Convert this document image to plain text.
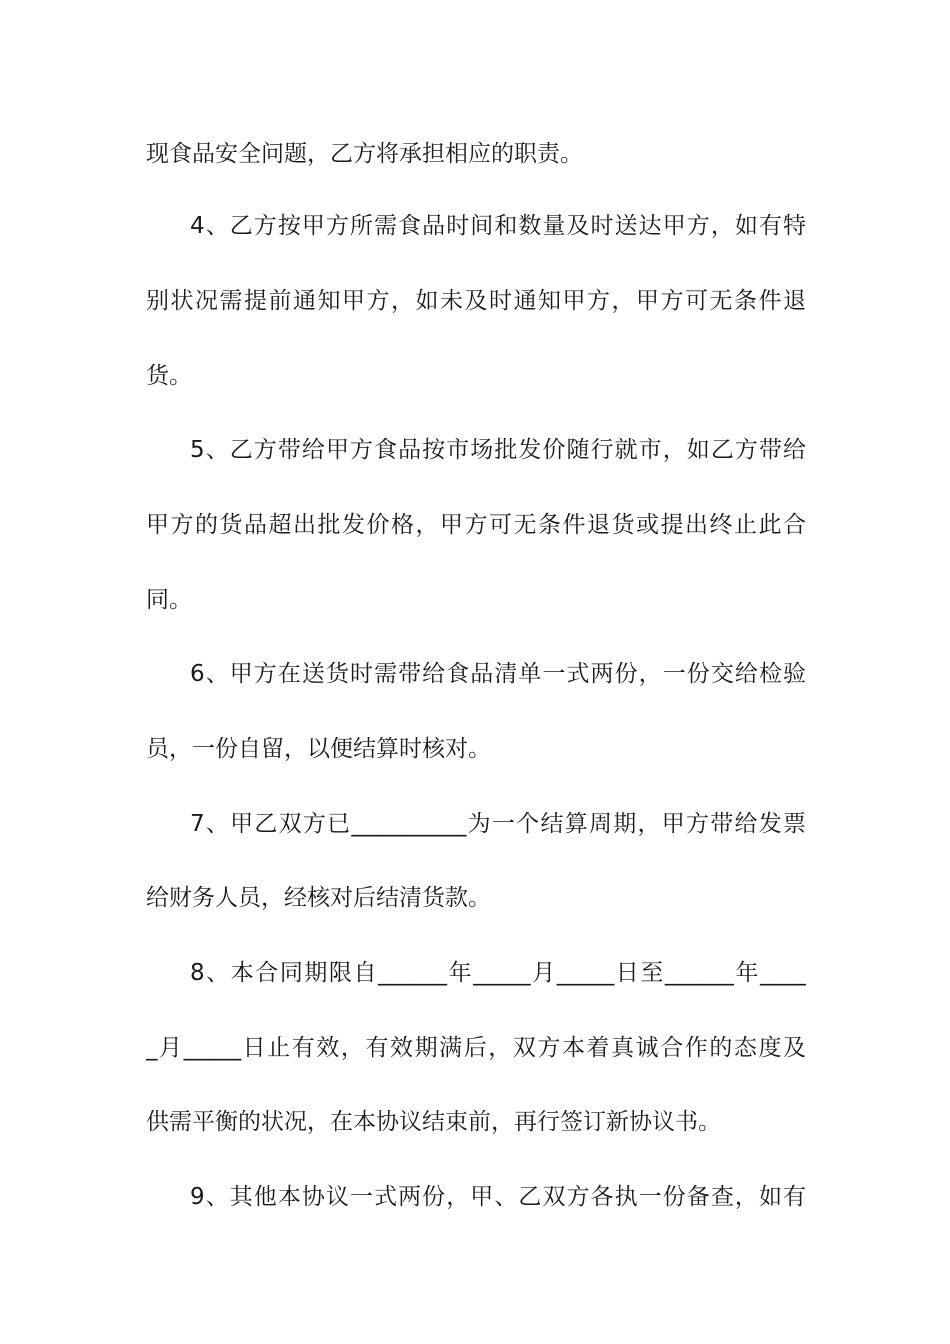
现食品安全问题，乙方将承担相应的职责。
4、乙方按甲方所需食品时间和数量及时送达甲方，如有特
别状况需提前通知甲方，如未及时通知甲方，甲方可无条件退
货。
5、乙方带给甲方食品按市场批发价随行就市，如乙方带给
甲方的货品超出批发价格，甲方可无条件退货或提出终止此合
同。
6、甲方在送货时需带给食品清单一式两份，一份交给检验
员，一份自留，以便结算时核对。
7、甲乙双方已__________为一个结算周期，甲方带给发票
给财务人员，经核对后结清货款。
8、本合同期限自______年_____月_____日至______年____
_月_____日止有效，有效期满后，双方本着真诚合作的态度及
供需平衡的状况，在本协议结束前，再行签订新协议书。
9、其他本协议一式两份，甲、乙双方各执一份备查，如有
